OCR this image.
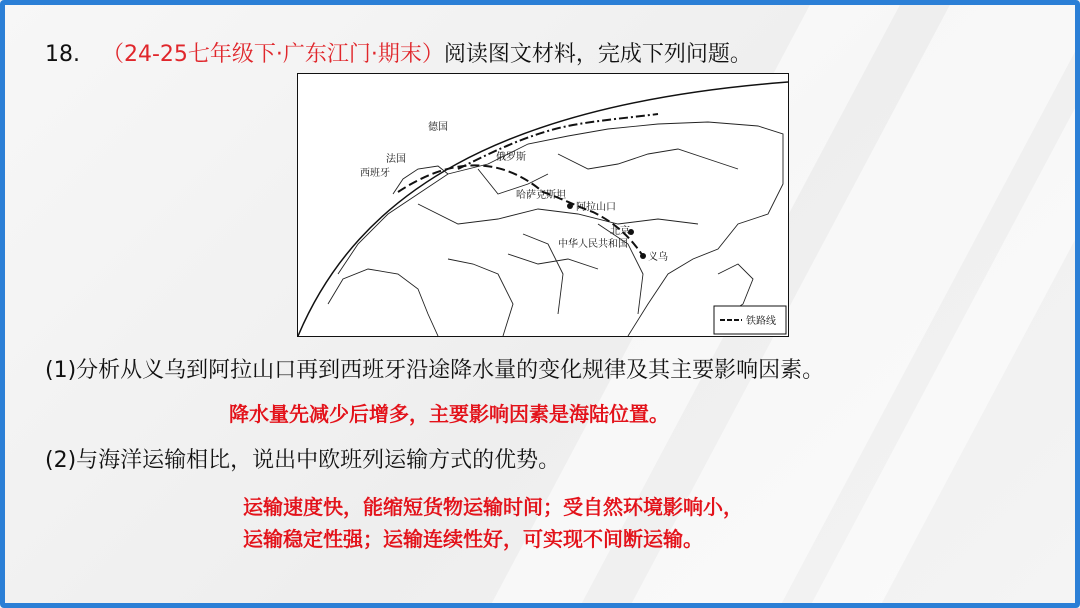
18. （24-25七年级下·广东江门·期末）阅读图文材料，完成下列问题。
德国
法国
西班牙
俄罗斯
哈萨克斯坦
阿拉山口
北京
中华人民共和国
义乌
铁路线
(1)分析从义乌到阿拉山口再到西班牙沿途降水量的变化规律及其主要影响因素。
降水量先减少后增多，主要影响因素是海陆位置。
(2)与海洋运输相比，说出中欧班列运输方式的优势。
运输速度快，能缩短货物运输时间；受自然环境影响小，
运输稳定性强；运输连续性好，可实现不间断运输。
